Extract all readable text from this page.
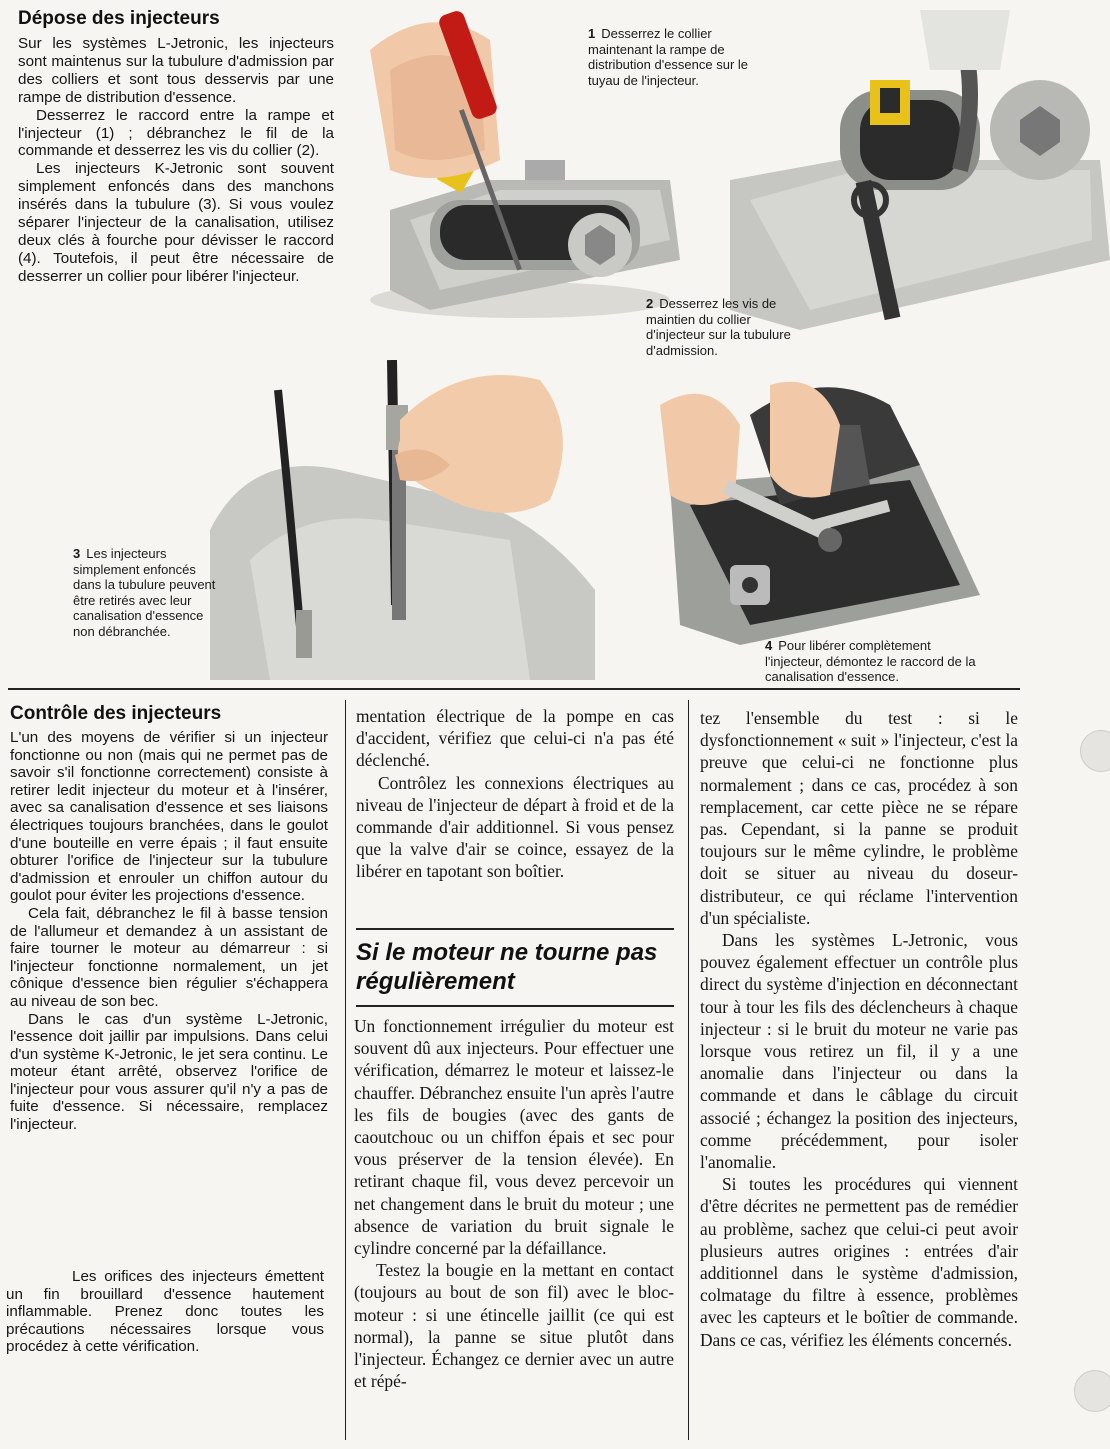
Dépose des injecteurs

Sur les systèmes L-Jetronic, les injecteurs sont maintenus sur la tubulure d'admission par des colliers et sont tous desservis par une rampe de distribution d'essence.

Desserrez le raccord entre la rampe et l'injecteur (1) ; débranchez le fil de la commande et desserrez les vis du collier (2).

Les injecteurs K-Jetronic sont souvent simplement enfoncés dans des manchons insérés dans la tubulure (3). Si vous voulez séparer l'injecteur de la canalisation, utilisez deux clés à fourche pour dévisser le raccord (4). Toutefois, il peut être nécessaire de desserrer un collier pour libérer l'injecteur.

1 Desserrez le collier maintenant la rampe de distribution d'essence sur le tuyau de l'injecteur.
2 Desserrez les vis de maintien du collier d'injecteur sur la tubulure d'admission.
3 Les injecteurs simplement enfoncés dans la tubulure peuvent être retirés avec leur canalisation d'essence non débranchée.
4 Pour libérer complètement l'injecteur, démontez le raccord de la canalisation d'essence.
Contrôle des injecteurs

L'un des moyens de vérifier si un injecteur fonctionne ou non (mais qui ne permet pas de savoir s'il fonctionne correctement) consiste à retirer ledit injecteur du moteur et à l'insérer, avec sa canalisation d'essence et ses liaisons électriques toujours branchées, dans le goulot d'une bouteille en verre épais ; il faut ensuite obturer l'orifice de l'injecteur sur la tubulure d'admission et enrouler un chiffon autour du goulot pour éviter les projections d'essence.

Cela fait, débranchez le fil à basse tension de l'allumeur et demandez à un assistant de faire tourner le moteur au démarreur : si l'injecteur fonctionne normalement, un jet cônique d'essence bien régulier s'échappera au niveau de son bec.

Dans le cas d'un système L-Jetronic, l'essence doit jaillir par impulsions. Dans celui d'un système K-Jetronic, le jet sera continu. Le moteur étant arrêté, observez l'orifice de l'injecteur pour vous assurer qu'il n'y a pas de fuite d'essence. Si nécessaire, remplacez l'injecteur.

Les orifices des injecteurs émettent un fin brouillard d'essence hautement inflammable. Prenez donc toutes les précautions nécessaires lorsque vous procédez à cette vérification.

mentation électrique de la pompe en cas d'accident, vérifiez que celui-ci n'a pas été déclenché.

Contrôlez les connexions électriques au niveau de l'injecteur de départ à froid et de la commande d'air additionnel. Si vous pensez que la valve d'air se coince, essayez de la libérer en tapotant son boîtier.

Si le moteur ne tourne pas régulièrement

Un fonctionnement irrégulier du moteur est souvent dû aux injecteurs. Pour effectuer une vérification, démarrez le moteur et laissez-le chauffer. Débranchez ensuite l'un après l'autre les fils de bougies (avec des gants de caoutchouc ou un chiffon épais et sec pour vous préserver de la tension élevée). En retirant chaque fil, vous devez percevoir un net changement dans le bruit du moteur ; une absence de variation du bruit signale le cylindre concerné par la défaillance.

Testez la bougie en la mettant en contact (toujours au bout de son fil) avec le bloc-moteur : si une étincelle jaillit (ce qui est normal), la panne se situe plutôt dans l'injecteur. Échangez ce dernier avec un autre et répé-

tez l'ensemble du test : si le dysfonctionnement « suit » l'injecteur, c'est la preuve que celui-ci ne fonctionne plus normalement ; dans ce cas, procédez à son remplacement, car cette pièce ne se répare pas. Cependant, si la panne se produit toujours sur le même cylindre, le problème doit se situer au niveau du doseur-distributeur, ce qui réclame l'intervention d'un spécialiste.

Dans les systèmes L-Jetronic, vous pouvez également effectuer un contrôle plus direct du système d'injection en déconnectant tour à tour les fils des déclencheurs à chaque injecteur : si le bruit du moteur ne varie pas lorsque vous retirez un fil, il y a une anomalie dans l'injecteur ou dans la commande et dans le câblage du circuit associé ; échangez la position des injecteurs, comme précédemment, pour isoler l'anomalie.

Si toutes les procédures qui viennent d'être décrites ne permettent pas de remédier au problème, sachez que celui-ci peut avoir plusieurs autres origines : entrées d'air additionnel dans le système d'admission, colmatage du filtre à essence, problèmes avec les capteurs et le boîtier de commande. Dans ce cas, vérifiez les éléments concernés.
